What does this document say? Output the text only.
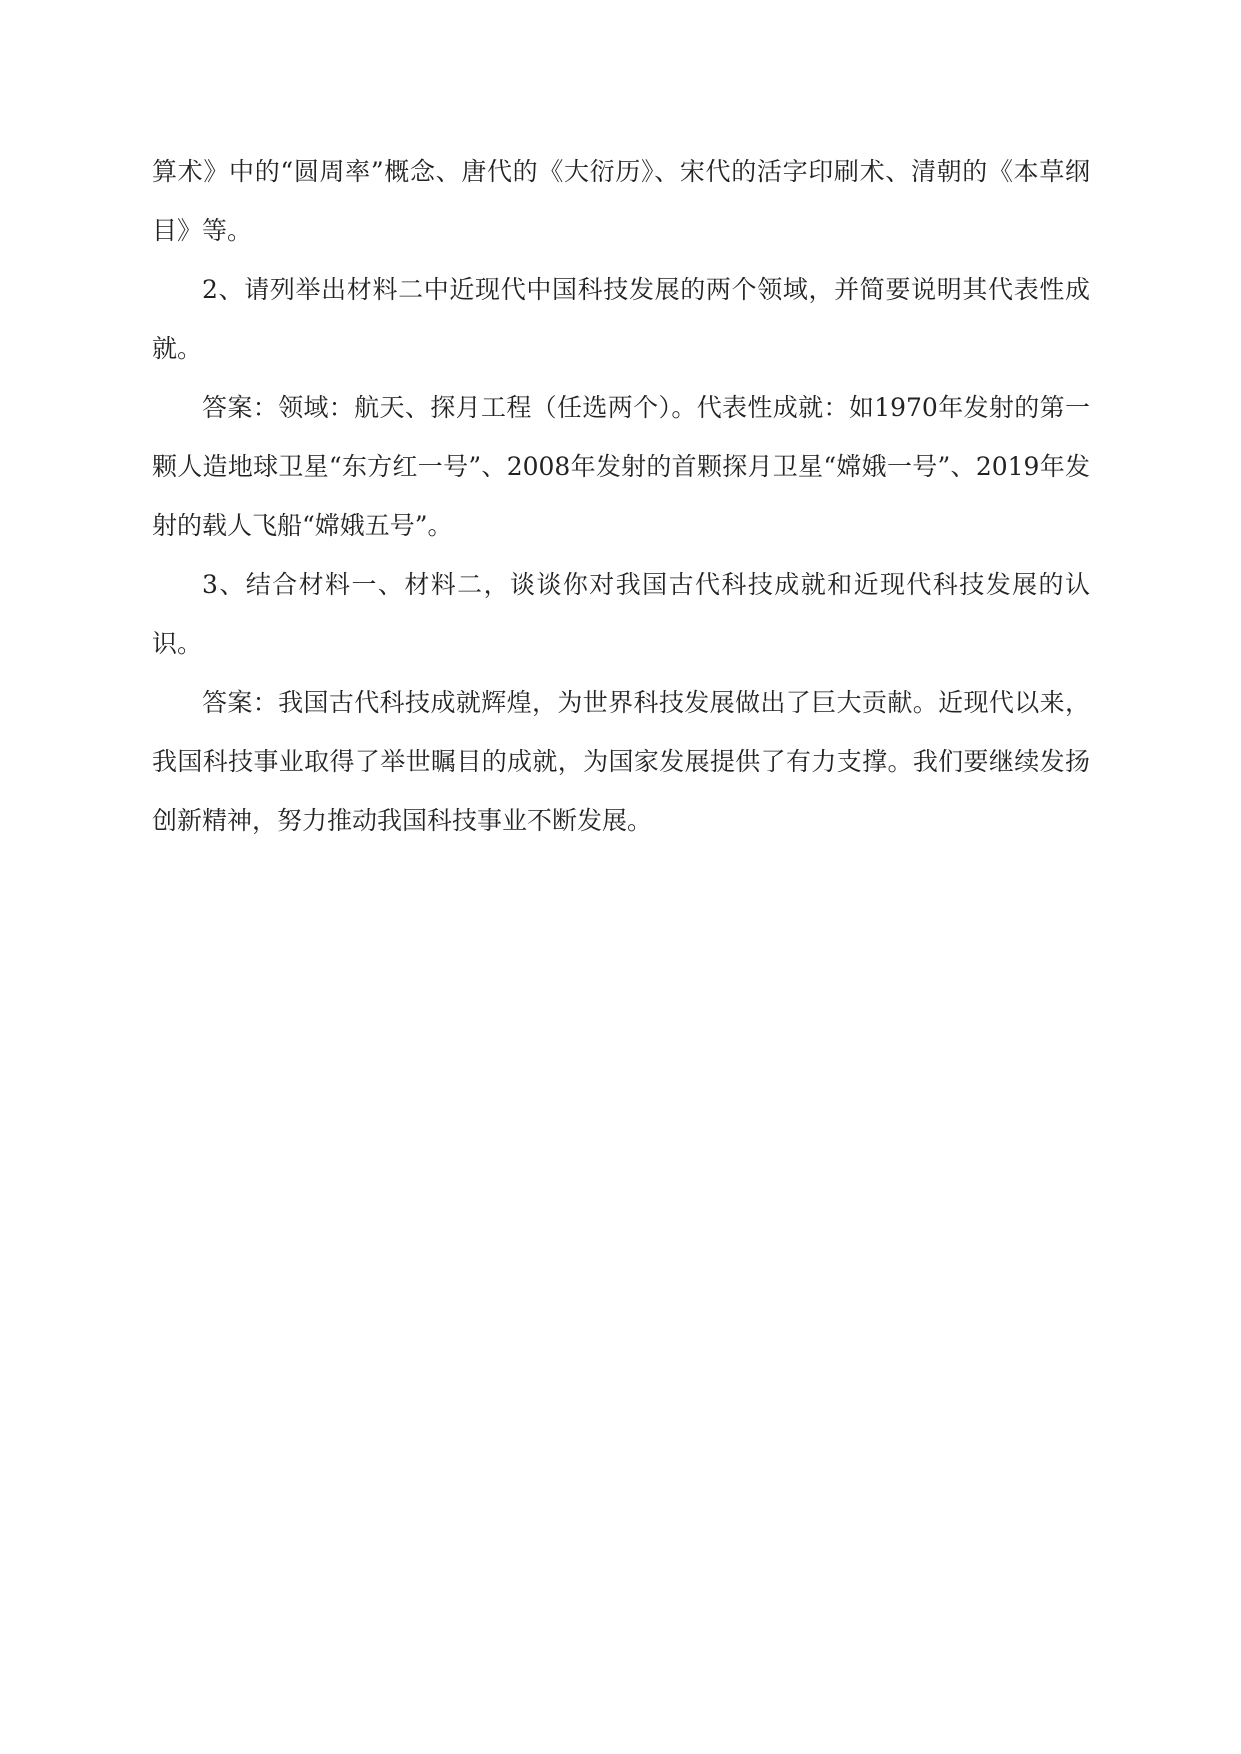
算术》中的“圆周率”概念、唐代的《大衍历》、宋代的活字印刷术、清朝的《本草纲目》等。

2、请列举出材料二中近现代中国科技发展的两个领域，并简要说明其代表性成就。

答案：领域：航天、探月工程（任选两个）。代表性成就：如1970年发射的第一颗人造地球卫星“东方红一号”、2008年发射的首颗探月卫星“嫦娥一号”、2019年发射的载人飞船“嫦娥五号”。

3、结合材料一、材料二，谈谈你对我国古代科技成就和近现代科技发展的认识。

答案：我国古代科技成就辉煌，为世界科技发展做出了巨大贡献。近现代以来，我国科技事业取得了举世瞩目的成就，为国家发展提供了有力支撑。我们要继续发扬创新精神，努力推动我国科技事业不断发展。
